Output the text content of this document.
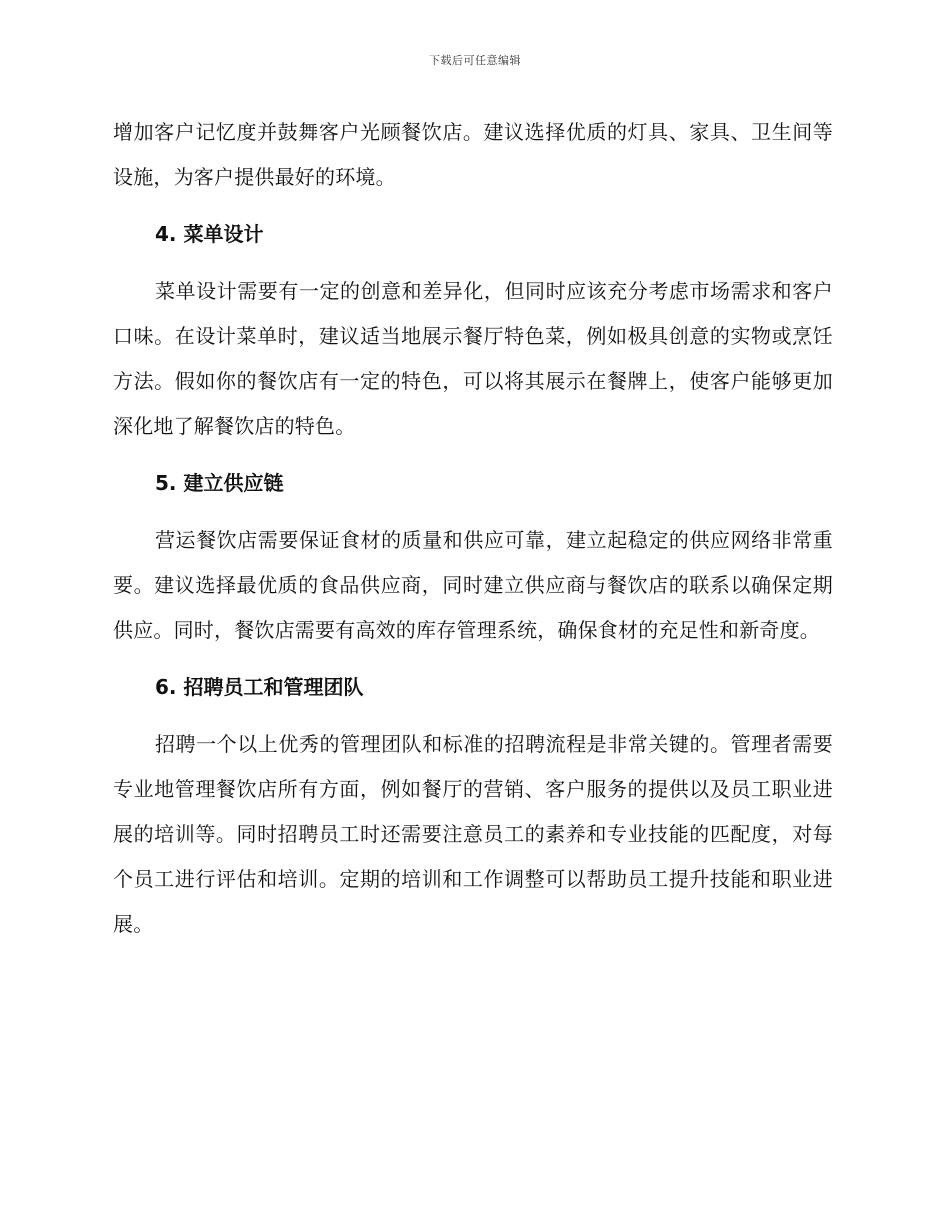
下载后可任意编辑

增加客户记忆度并鼓舞客户光顾餐饮店。建议选择优质的灯具、家具、卫生间等设施，为客户提供最好的环境。

4. 菜单设计

菜单设计需要有一定的创意和差异化，但同时应该充分考虑市场需求和客户口味。在设计菜单时，建议适当地展示餐厅特色菜，例如极具创意的实物或烹饪方法。假如你的餐饮店有一定的特色，可以将其展示在餐牌上，使客户能够更加深化地了解餐饮店的特色。

5. 建立供应链

营运餐饮店需要保证食材的质量和供应可靠，建立起稳定的供应网络非常重要。建议选择最优质的食品供应商，同时建立供应商与餐饮店的联系以确保定期供应。同时，餐饮店需要有高效的库存管理系统，确保食材的充足性和新奇度。

6. 招聘员工和管理团队

招聘一个以上优秀的管理团队和标准的招聘流程是非常关键的。管理者需要专业地管理餐饮店所有方面，例如餐厅的营销、客户服务的提供以及员工职业进展的培训等。同时招聘员工时还需要注意员工的素养和专业技能的匹配度，对每个员工进行评估和培训。定期的培训和工作调整可以帮助员工提升技能和职业进展。
